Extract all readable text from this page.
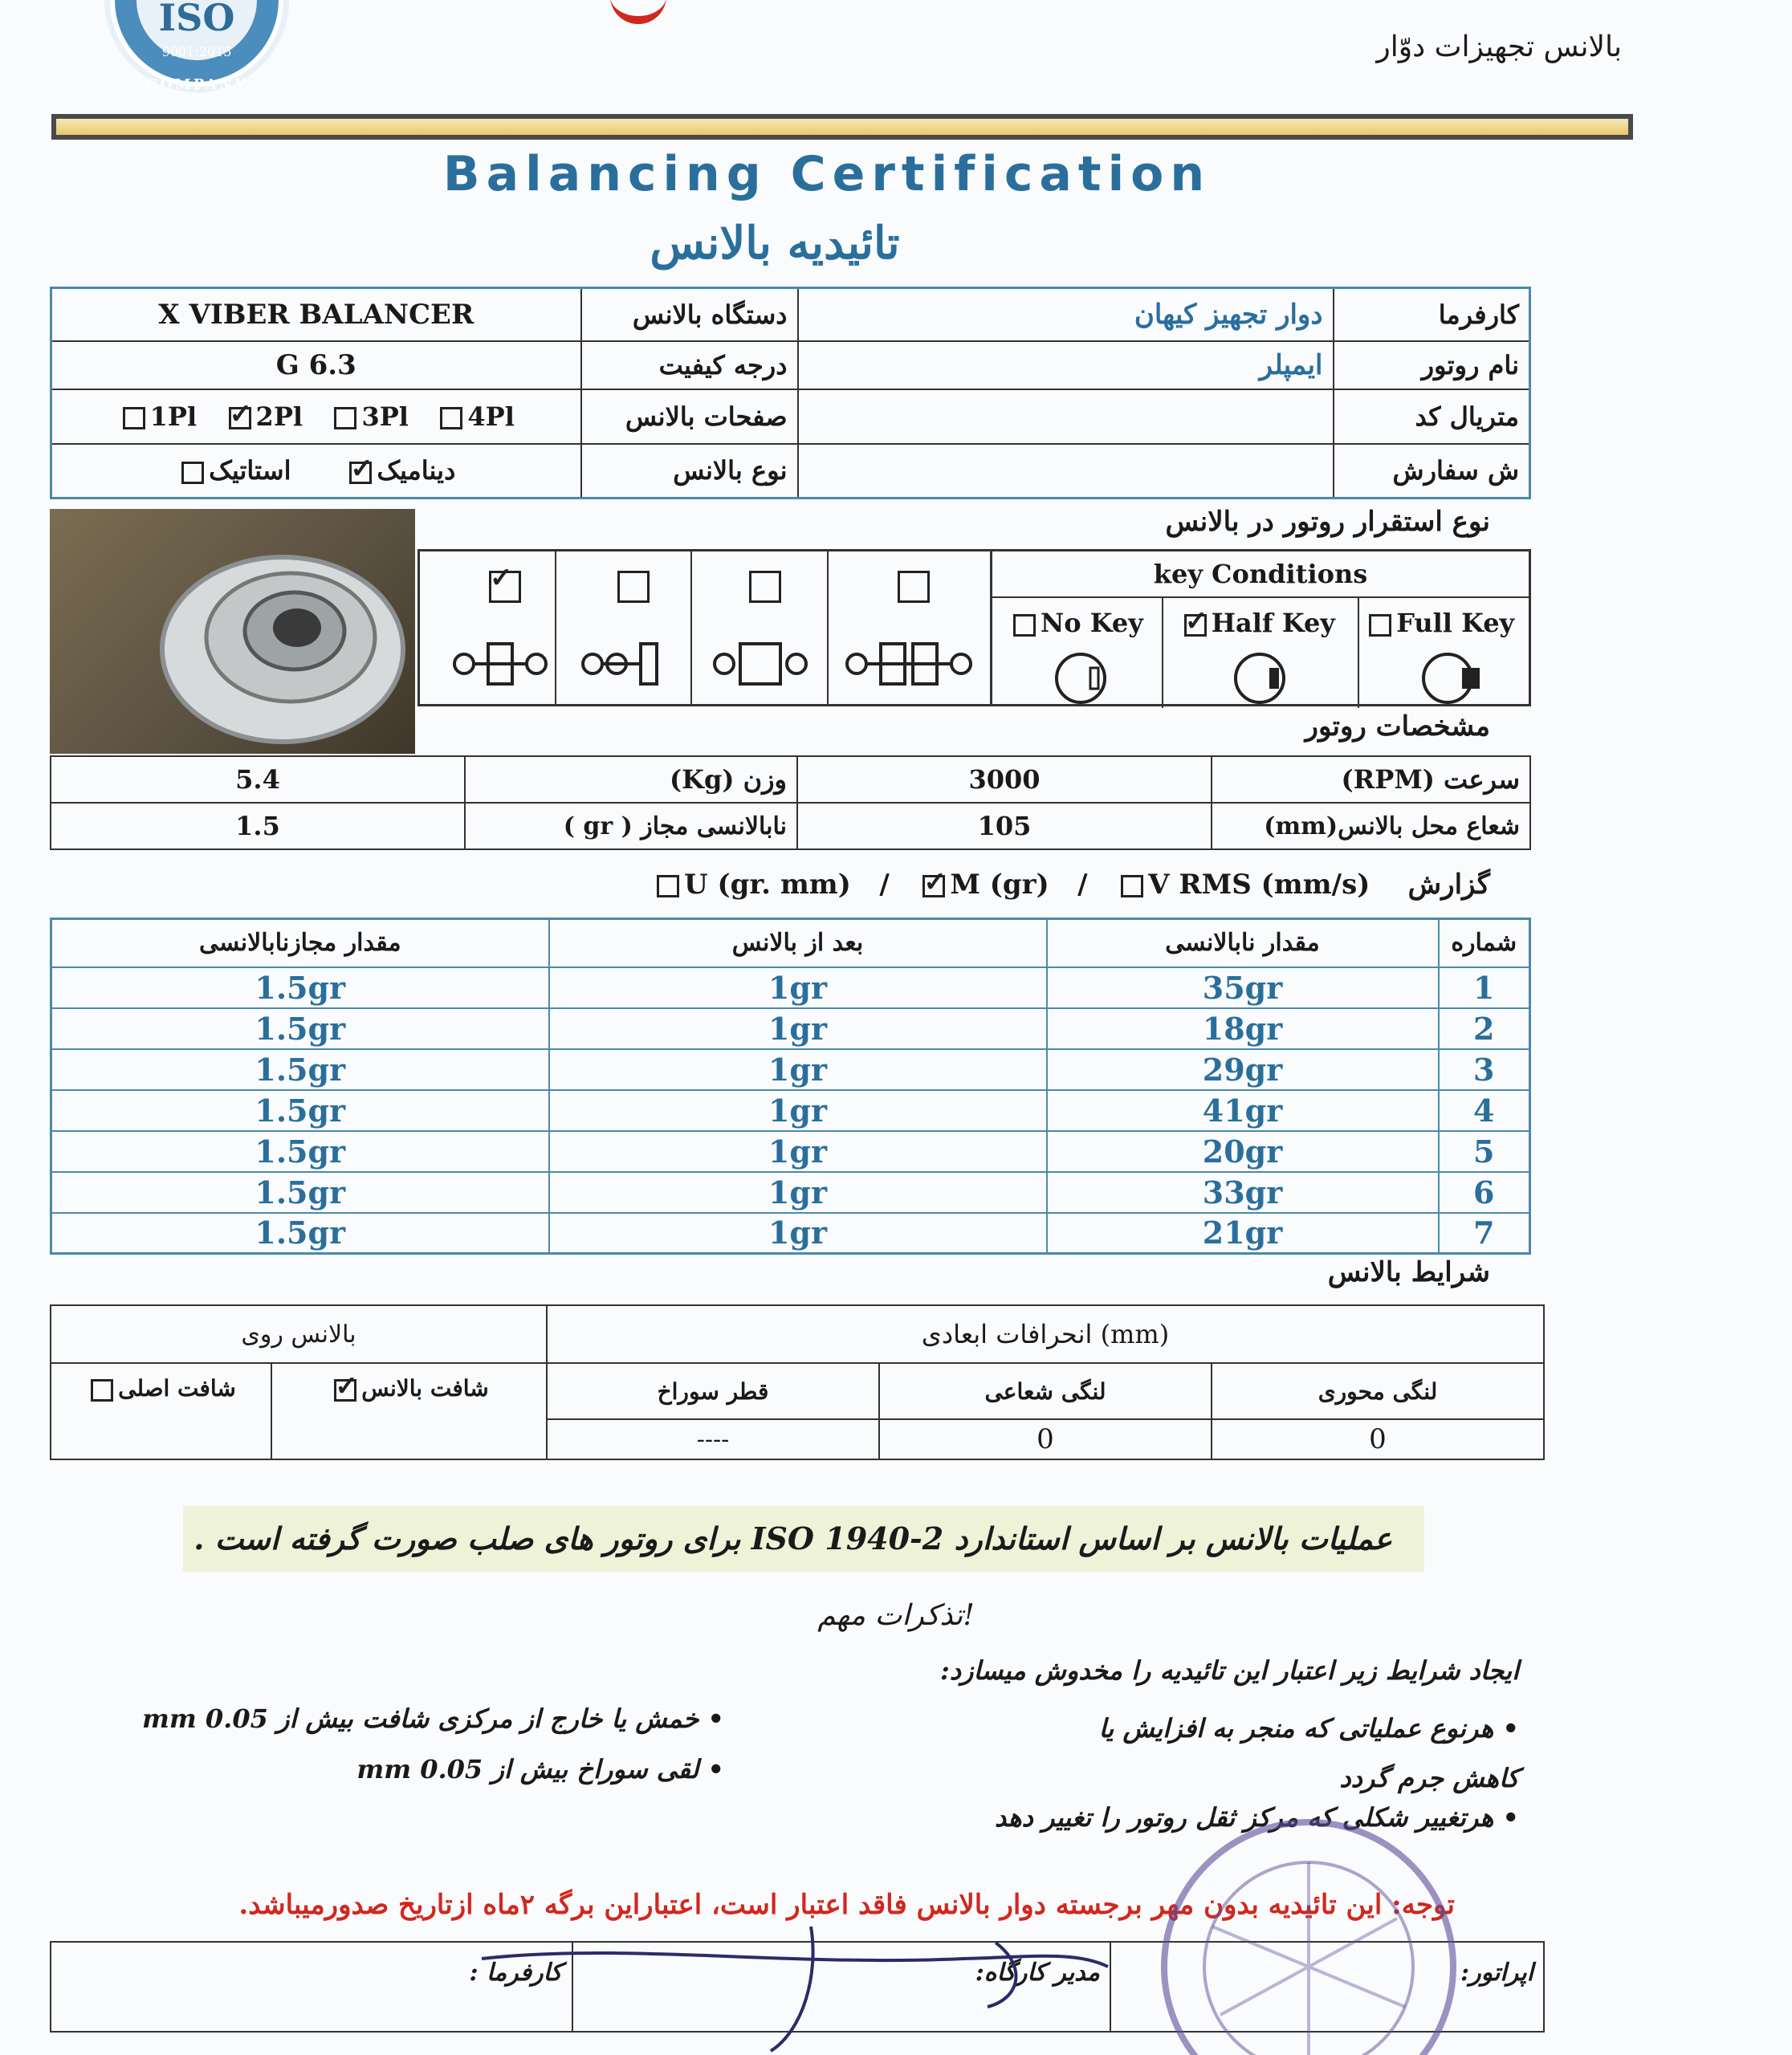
ISO
9001:2015
COMPANY
بالانس تجهیزات دوّار
Balancing Certification
تائیدیه بالانس
X VIBER BALANCER	دستگاه بالانس	دوار تجهیز کیهان	کارفرما
G 6.3	درجه کیفیت	ایمپلر	نام روتور
1Pl ✓ 2Pl 3Pl 4Pl	صفحات بالانس		متریال کد
دینامیک✓      استاتیک	نوع بالانس		ش سفارش
نوع استقرار روتور در بالانس
✓
key Conditions
No Key ✓	Half Key	Full Key
مشخصات روتور
5.4	وزن (Kg)	3000	سرعت (RPM)
1.5	نابالانسی مجاز ( gr )	105	شعاع محل بالانس(mm)
گزارش    V RMS (mm/s)   /   ✓M (gr)   /   U (gr. mm)
مقدار مجازنابالانسی	بعد از بالانس	مقدار نابالانسی	شماره
1.5gr	1gr	35gr	1
1.5gr	1gr	18gr	2
1.5gr	1gr	29gr	3
1.5gr	1gr	41gr	4
1.5gr	1gr	20gr	5
1.5gr	1gr	33gr	6
1.5gr	1gr	21gr	7
شرایط بالانس
بالانس روی		انحرافات ابعادی (mm)		
شافت اصلی	شافت بالانس✓	قطر سوراخ	لنگی شعاعی	لنگی محوری
		----	0	0
عملیات بالانس بر اساس استاندارد ISO 1940-2 برای روتور های صلب صورت گرفته است .
تذکرات مهم!
ایجاد شرایط زیر اعتبار این تائیدیه را مخدوش میسازد:
• هرنوع عملیاتی که منجر به افزایش یا کاهش جرم گردد
• هرتغییر شکلی که مرکز ثقل روتور را تغییر دهد
• خمش یا خارج از مرکزی شافت بیش از 0.05 mm
• لقی سوراخ بیش از 0.05 mm
توجه: این تائیدیه بدون مهر برجسته دوار بالانس فاقد اعتبار است، اعتباراین برگه ۲ماه ازتاریخ صدورمیباشد.
کارفرما :	مدیر کارگاه:	اپراتور:
